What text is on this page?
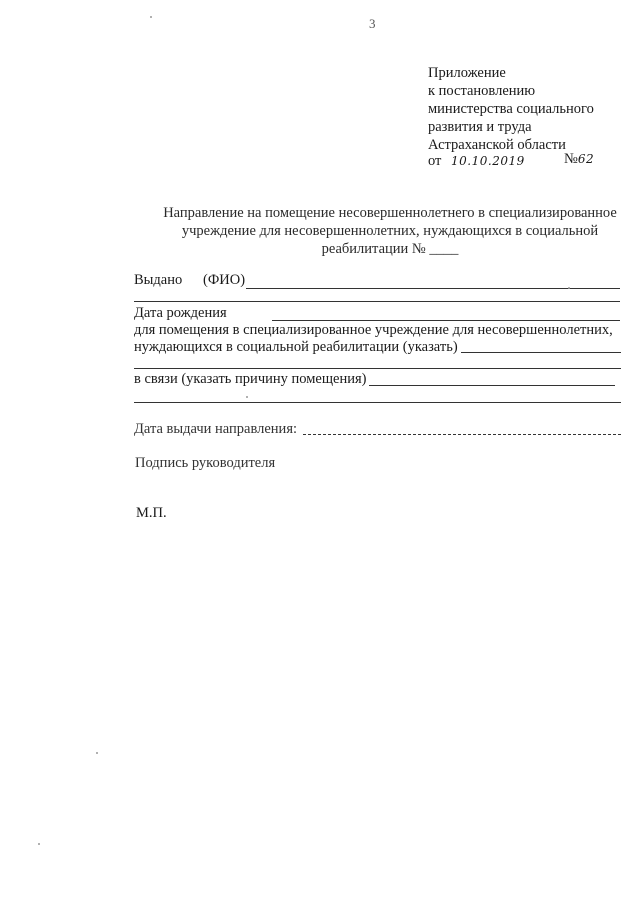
3
Приложение
к постановлению
министерства социального
развития и труда
Астраханской области
от 10.10.2019	№62
Направление на помещение несовершеннолетнего в специализированное
учреждение для несовершеннолетних, нуждающихся в социальной
реабилитации № ____
Выдано (ФИО)
Дата рождения
для помещения в специализированное учреждение для несовершеннолетних,
нуждающихся в социальной реабилитации (указать)
в связи (указать причину помещения)
Дата выдачи направления:
Подпись руководителя
М.П.
